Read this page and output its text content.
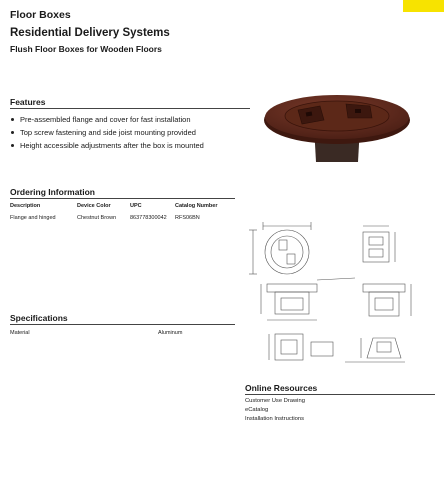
Floor Boxes
Residential Delivery Systems
Flush Floor Boxes for Wooden Floors
Features
Pre-assembled flange and cover for fast installation
Top screw fastening and side joist mounting provided
Height accessible adjustments after the box is mounted
Ordering Information
Description	Device Color	UPC	Catalog Number
Flange and hinged	Chestnut Brown	863778300042 RFS06BN
Specifications
Material	Aluminum
Online Resources
Customer Use Drawing
eCatalog
Installation Instructions
